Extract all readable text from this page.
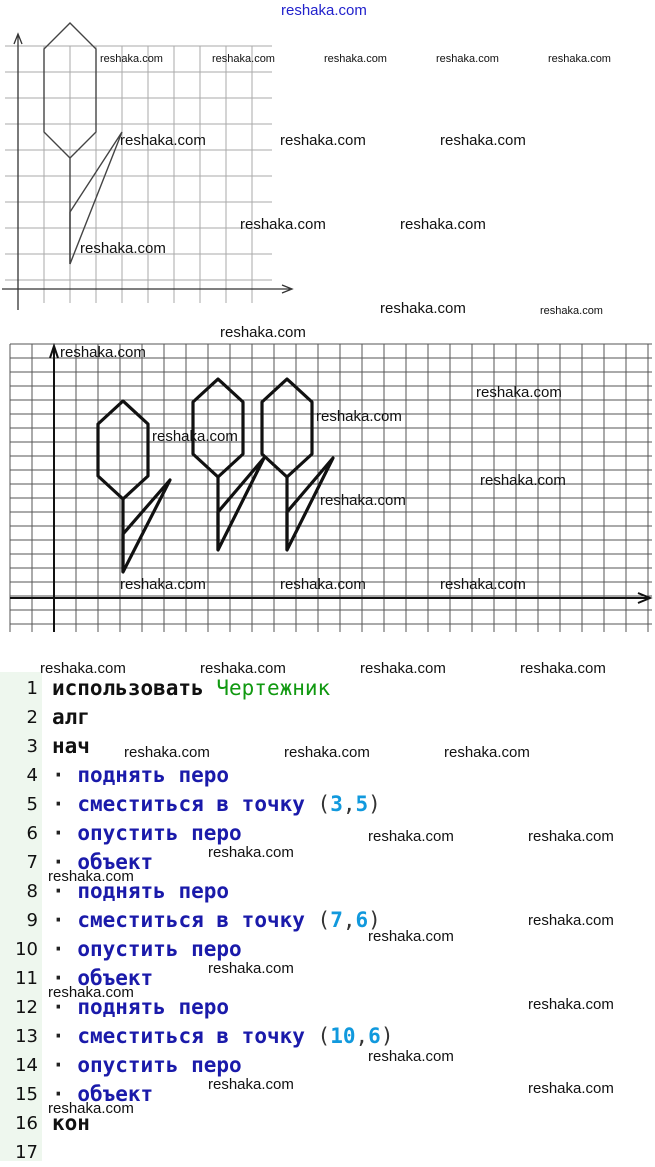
reshaka.com
1 использовать Чертежник
2 алг
3 нач
4 · поднять перо
5 · сместиться в точку (3,5)
6 · опустить перо
7 · объект
8 · поднять перо
9 · сместиться в точку (7,6)
10 · опустить перо
11 · объект
12 · поднять перо
13 · сместиться в точку (10,6)
14 · опустить перо
15 · объект
16 кон
17
reshaka.com	reshaka.com	reshaka.com	reshaka.com	reshaka.com
reshaka.com	reshaka.com	reshaka.com
reshaka.com	reshaka.com
reshaka.com
reshaka.com	reshaka.com
reshaka.com
reshaka.com
reshaka.com
reshaka.com
reshaka.com
reshaka.com
reshaka.com
reshaka.com	reshaka.com	reshaka.com
reshaka.com	reshaka.com	reshaka.com	reshaka.com
reshaka.com	reshaka.com	reshaka.com
reshaka.com	reshaka.com
reshaka.com
reshaka.com
reshaka.com
reshaka.com
reshaka.com
reshaka.com
reshaka.com
reshaka.com
reshaka.com	reshaka.com
reshaka.com
